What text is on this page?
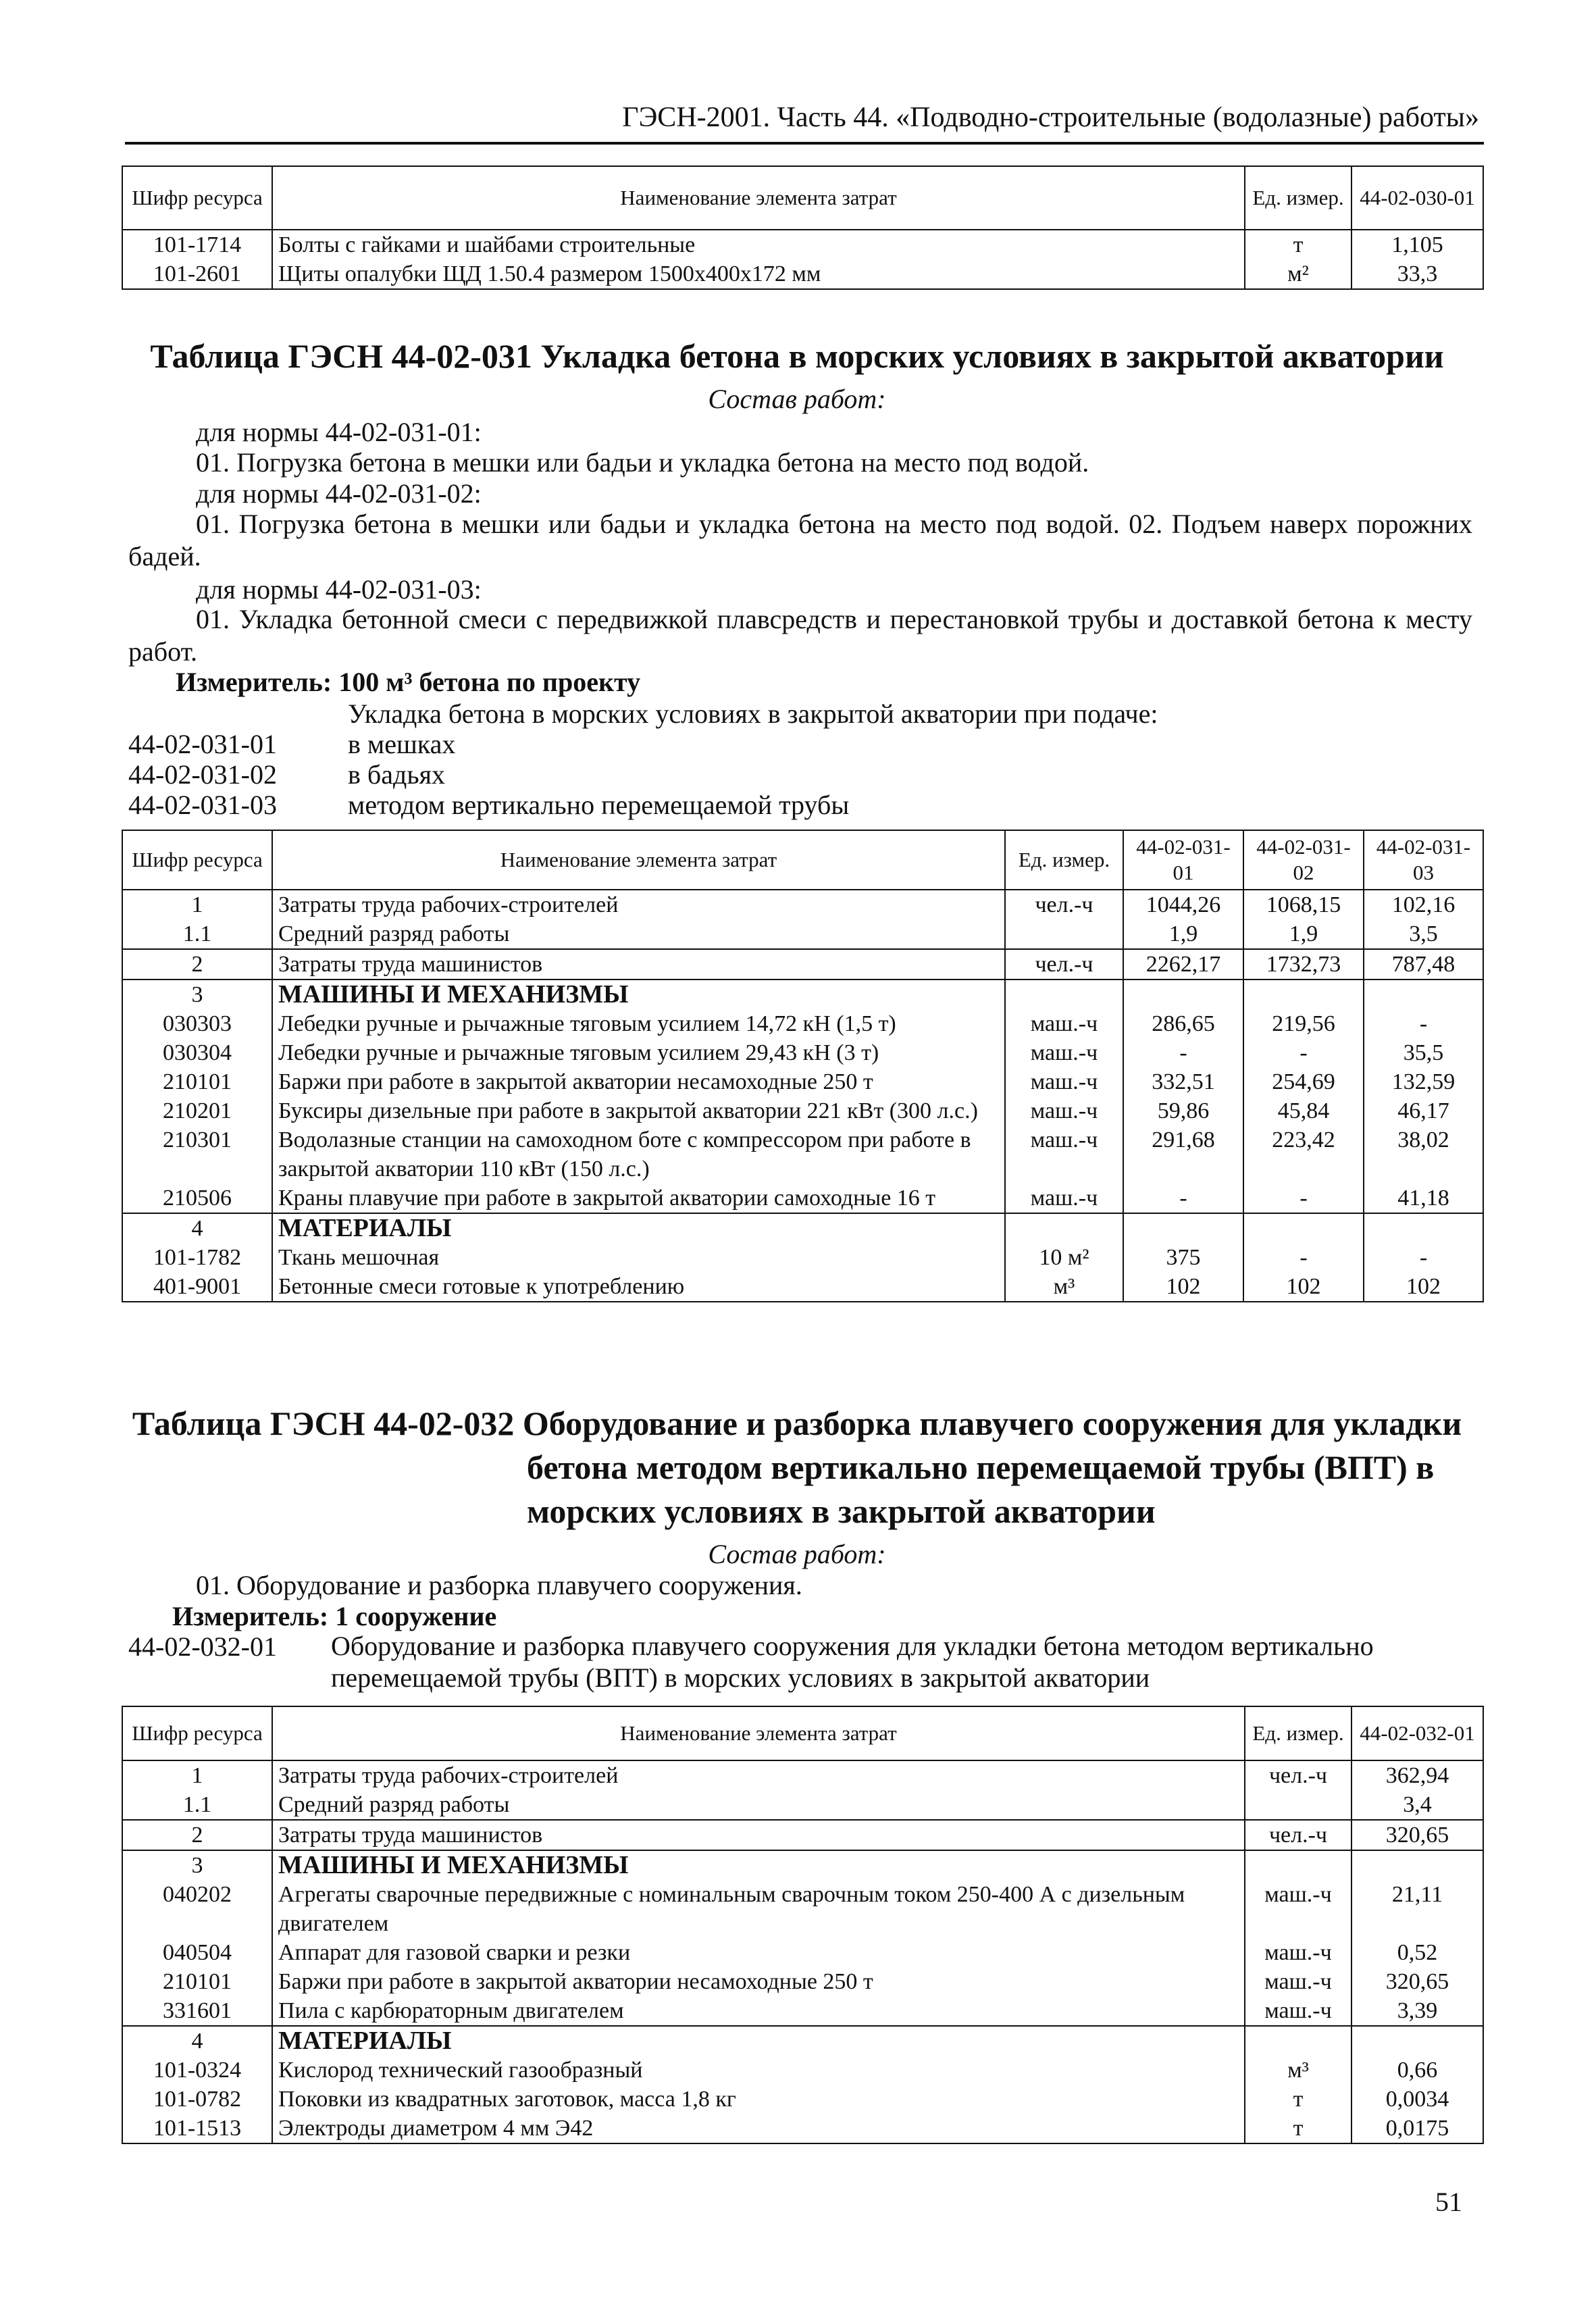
ГЭСН-2001. Часть 44. «Подводно-строительные (водолазные) работы»
Шифр ресурса	Наименование элемента затрат	Ед. измер.	44-02-030-01
101-1714	Болты с гайками и шайбами строительные	т	1,105
101-2601	Щиты опалубки ЩД 1.50.4 размером 1500х400х172 мм	м²	33,3
Таблица ГЭСН 44-02-031 Укладка бетона в морских условиях в закрытой акватории
Состав работ:
для нормы 44-02-031-01:
01. Погрузка бетона в мешки или бадьи и укладка бетона на место под водой.
для нормы 44-02-031-02:
01. Погрузка бетона в мешки или бадьи и укладка бетона на место под водой. 02. Подъем наверх порожних бадей.
для нормы 44-02-031-03:
01. Укладка бетонной смеси с передвижкой плавсредств и перестановкой трубы и доставкой бетона к месту работ.
Измеритель: 100 м³ бетона по проекту
Укладка бетона в морских условиях в закрытой акватории при подаче:
44-02-031-01	в мешках
44-02-031-02	в бадьях
44-02-031-03	методом вертикально перемещаемой трубы
Шифр ресурса	Наименование элемента затрат	Ед. измер.	44-02-031-01	44-02-031-02	44-02-031-03
1	Затраты труда рабочих-строителей	чел.-ч	1044,26	1068,15	102,16
1.1	Средний разряд работы		1,9	1,9	3,5
2	Затраты труда машинистов	чел.-ч	2262,17	1732,73	787,48
3	МАШИНЫ И МЕХАНИЗМЫ				
030303	Лебедки ручные и рычажные тяговым усилием 14,72 кН (1,5 т)	маш.-ч	286,65	219,56	-
030304	Лебедки ручные и рычажные тяговым усилием 29,43 кН (3 т)	маш.-ч	-	-	35,5
210101	Баржи при работе в закрытой акватории несамоходные 250 т	маш.-ч	332,51	254,69	132,59
210201	Буксиры дизельные при работе в закрытой акватории 221 кВт (300 л.с.)	маш.-ч	59,86	45,84	46,17
210301	Водолазные станции на самоходном боте с компрессором при работе в закрытой акватории 110 кВт (150 л.с.)	маш.-ч	291,68	223,42	38,02
210506	Краны плавучие при работе в закрытой акватории самоходные 16 т	маш.-ч	-	-	41,18
4	МАТЕРИАЛЫ				
101-1782	Ткань мешочная	10 м²	375	-	-
401-9001	Бетонные смеси готовые к употреблению	м³	102	102	102
Таблица ГЭСН 44-02-032 Оборудование и разборка плавучего сооружения для укладки
бетона методом вертикально перемещаемой трубы (ВПТ) в
морских условиях в закрытой акватории
Состав работ:
01. Оборудование и разборка плавучего сооружения.
Измеритель: 1 сооружение
44-02-032-01 Оборудование и разборка плавучего сооружения для укладки бетона методом вертикально перемещаемой трубы (ВПТ) в морских условиях в закрытой акватории
Шифр ресурса	Наименование элемента затрат	Ед. измер.	44-02-032-01
1	Затраты труда рабочих-строителей	чел.-ч	362,94
1.1	Средний разряд работы		3,4
2	Затраты труда машинистов	чел.-ч	320,65
3	МАШИНЫ И МЕХАНИЗМЫ		
040202	Агрегаты сварочные передвижные с номинальным сварочным током 250-400 А с дизельным двигателем	маш.-ч	21,11
040504	Аппарат для газовой сварки и резки	маш.-ч	0,52
210101	Баржи при работе в закрытой акватории несамоходные 250 т	маш.-ч	320,65
331601	Пила с карбюраторным двигателем	маш.-ч	3,39
4	МАТЕРИАЛЫ		
101-0324	Кислород технический газообразный	м³	0,66
101-0782	Поковки из квадратных заготовок, масса 1,8 кг	т	0,0034
101-1513	Электроды диаметром 4 мм Э42	т	0,0175
51
